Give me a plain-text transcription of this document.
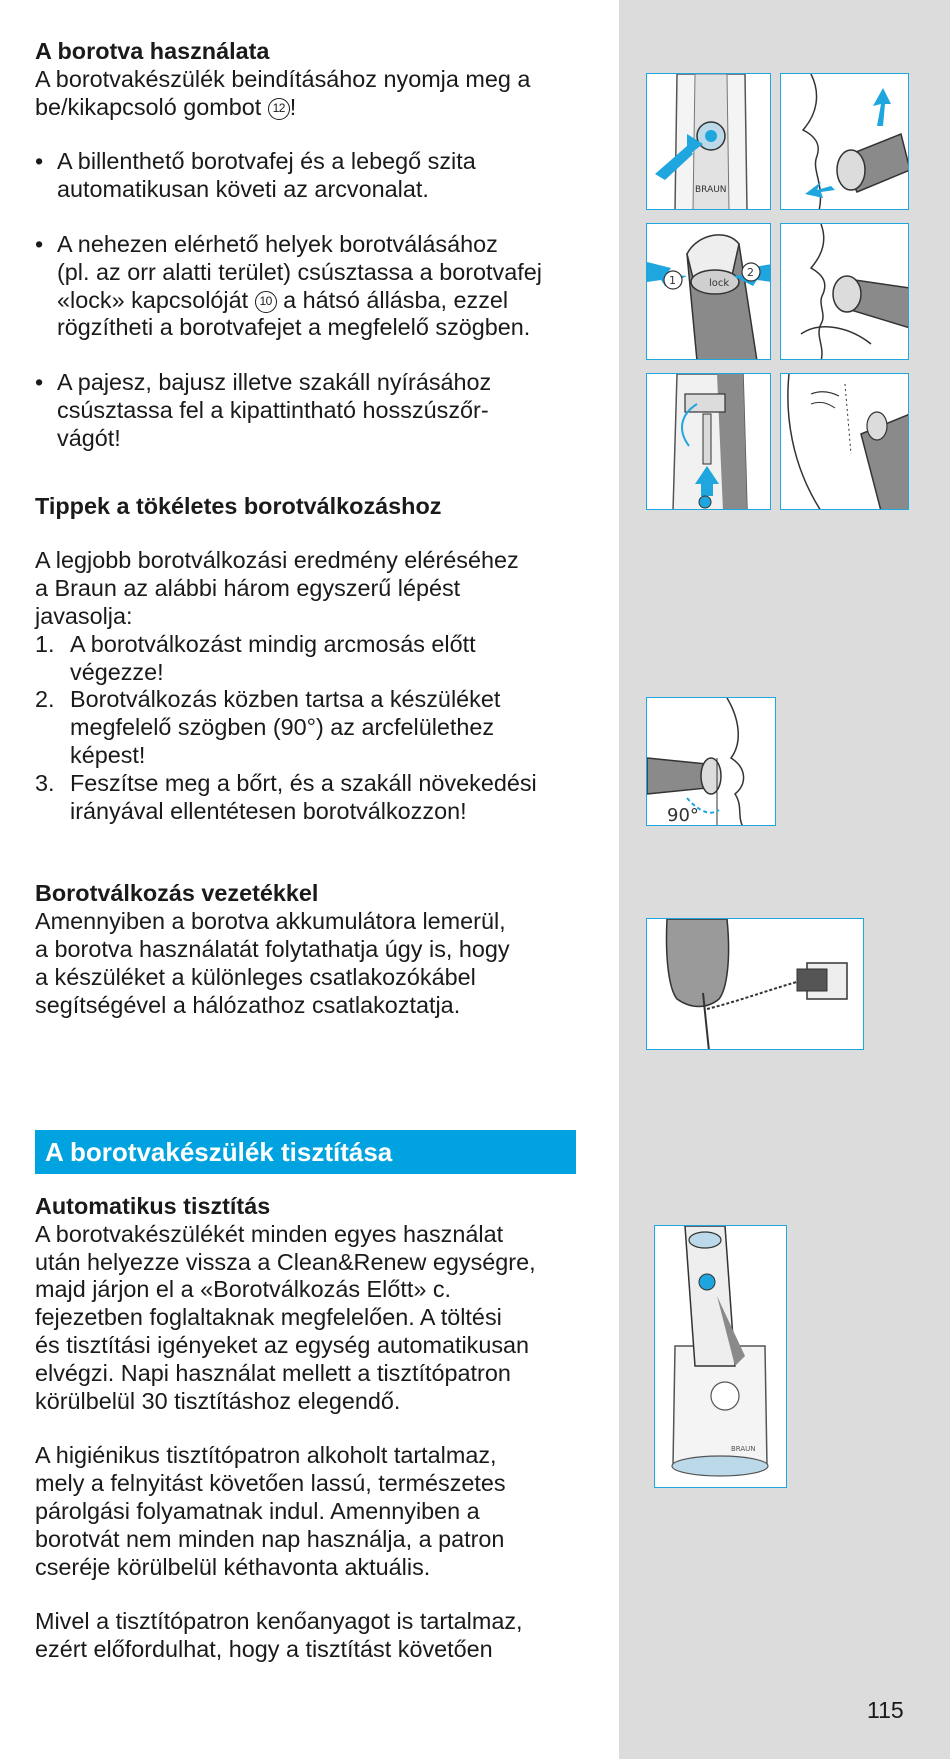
A borotva használata
A borotvakészülék beindításához nyomja meg a
be/kikapcsoló gombot 12 !
• A billenthető borotvafej és a lebegő szita
automatikusan követi az arcvonalat.
• A nehezen elérhető helyek borotválásához
(pl. az orr alatti terület) csúsztassa a borotvafej
«lock» kapcsolóját 10 a hátsó állásba, ezzel
rögzítheti a borotvafejet a megfelelő szögben.
• A pajesz, bajusz illetve szakáll nyírásához
csúsztassa fel a kipattintható hosszúszőr-
vágót!
Tippek a tökéletes borotválkozáshoz
A legjobb borotválkozási eredmény eléréséhez
a Braun az alábbi három egyszerű lépést
javasolja:
1. A borotválkozást mindig arcmosás előtt
végezze!
2. Borotválkozás közben tartsa a készüléket
megfelelő szögben (90°) az arcfelülethez
képest!
3. Feszítse meg a bőrt, és a szakáll növekedési
irányával ellentétesen borotválkozzon!
Borotválkozás vezetékkel
Amennyiben a borotva akkumulátora lemerül,
a borotva használatát folytathatja úgy is, hogy
a készüléket a különleges csatlakozókábel
segítségével a hálózathoz csatlakoztatja.
A borotvakészülék tisztítása
Automatikus tisztítás
A borotvakészülékét minden egyes használat
után helyezze vissza a Clean&Renew egységre,
majd járjon el a «Borotválkozás Előtt» c.
fejezetben foglaltaknak megfelelően. A töltési
és tisztítási igényeket az egység automatikusan
elvégzi. Napi használat mellett a tisztítópatron
körülbelül 30 tisztításhoz elegendő.
A higiénikus tisztítópatron alkoholt tartalmaz,
mely a felnyitást követően lassú, természetes
párolgási folyamatnak indul. Amennyiben a
borotvát nem minden nap használja, a patron
cseréje körülbelül kéthavonta aktuális.
Mivel a tisztítópatron kenőanyagot is tartalmaz,
ezért előfordulhat, hogy a tisztítást követően
BRAUN
lock
1
2
90°
BRAUN
115
